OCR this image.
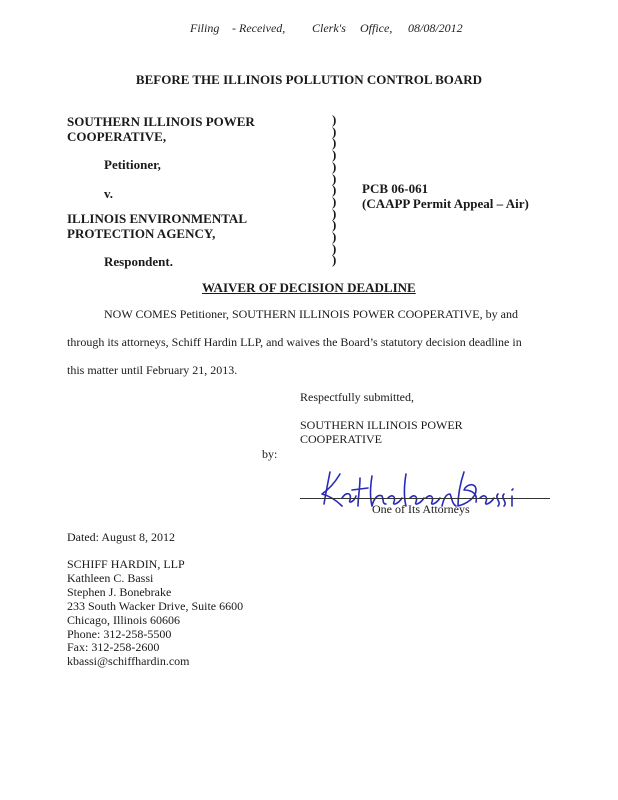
Filing - Received, Clerk's Office, 08/08/2012
BEFORE THE ILLINOIS POLLUTION CONTROL BOARD
SOUTHERN ILLINOIS POWER
COOPERATIVE,
Petitioner,
v.
ILLINOIS ENVIRONMENTAL
PROTECTION AGENCY,
Respondent.
)
)
)
)
)
)
)
)
)
)
)
)
)
PCB 06-061
(CAAPP Permit Appeal – Air)
WAIVER OF DECISION DEADLINE
NOW COMES Petitioner, SOUTHERN ILLINOIS POWER COOPERATIVE, by and
through its attorneys, Schiff Hardin LLP, and waives the Board’s statutory decision deadline in
this matter until February 21, 2013.
Respectfully submitted,
SOUTHERN ILLINOIS POWER
COOPERATIVE
by:
One of Its Attorneys
Dated: August 8, 2012
SCHIFF HARDIN, LLP
Kathleen C. Bassi
Stephen J. Bonebrake
233 South Wacker Drive, Suite 6600
Chicago, Illinois 60606
Phone: 312-258-5500
Fax: 312-258-2600
kbassi@schiffhardin.com
